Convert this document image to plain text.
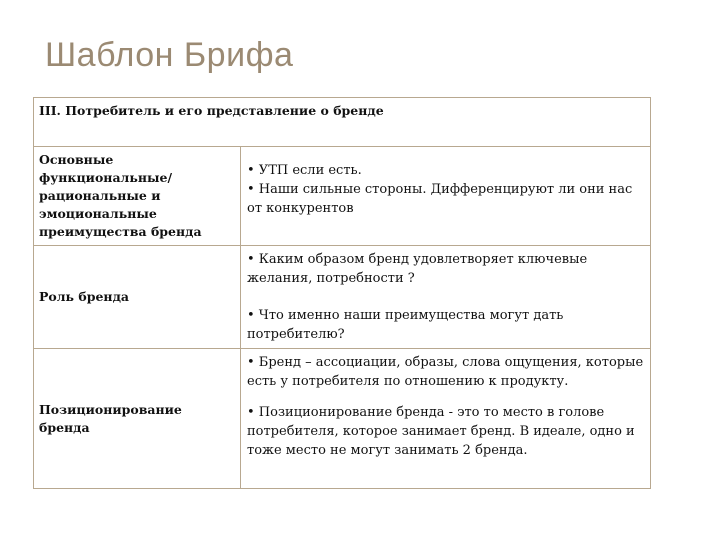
Шаблон Брифа
III. Потребитель и его представление о бренде	
Основные функциональные/ рациональные и эмоциональные преимущества бренда	• УТП если есть.

• Наши сильные стороны. Дифференцируют ли они нас от конкурентов

Роль бренда	• Каким образом бренд удовлетворяет ключевые желания, потребности ?

• Что именно наши преимущества могут дать потребителю?

Позиционирование бренда	• Бренд – ассоциации, образы, слова ощущения, которые есть у потребителя по отношению к продукту.

• Позиционирование бренда - это то место в голове потребителя, которое занимает бренд. В идеале, одно и тоже место не могут занимать 2 бренда.
